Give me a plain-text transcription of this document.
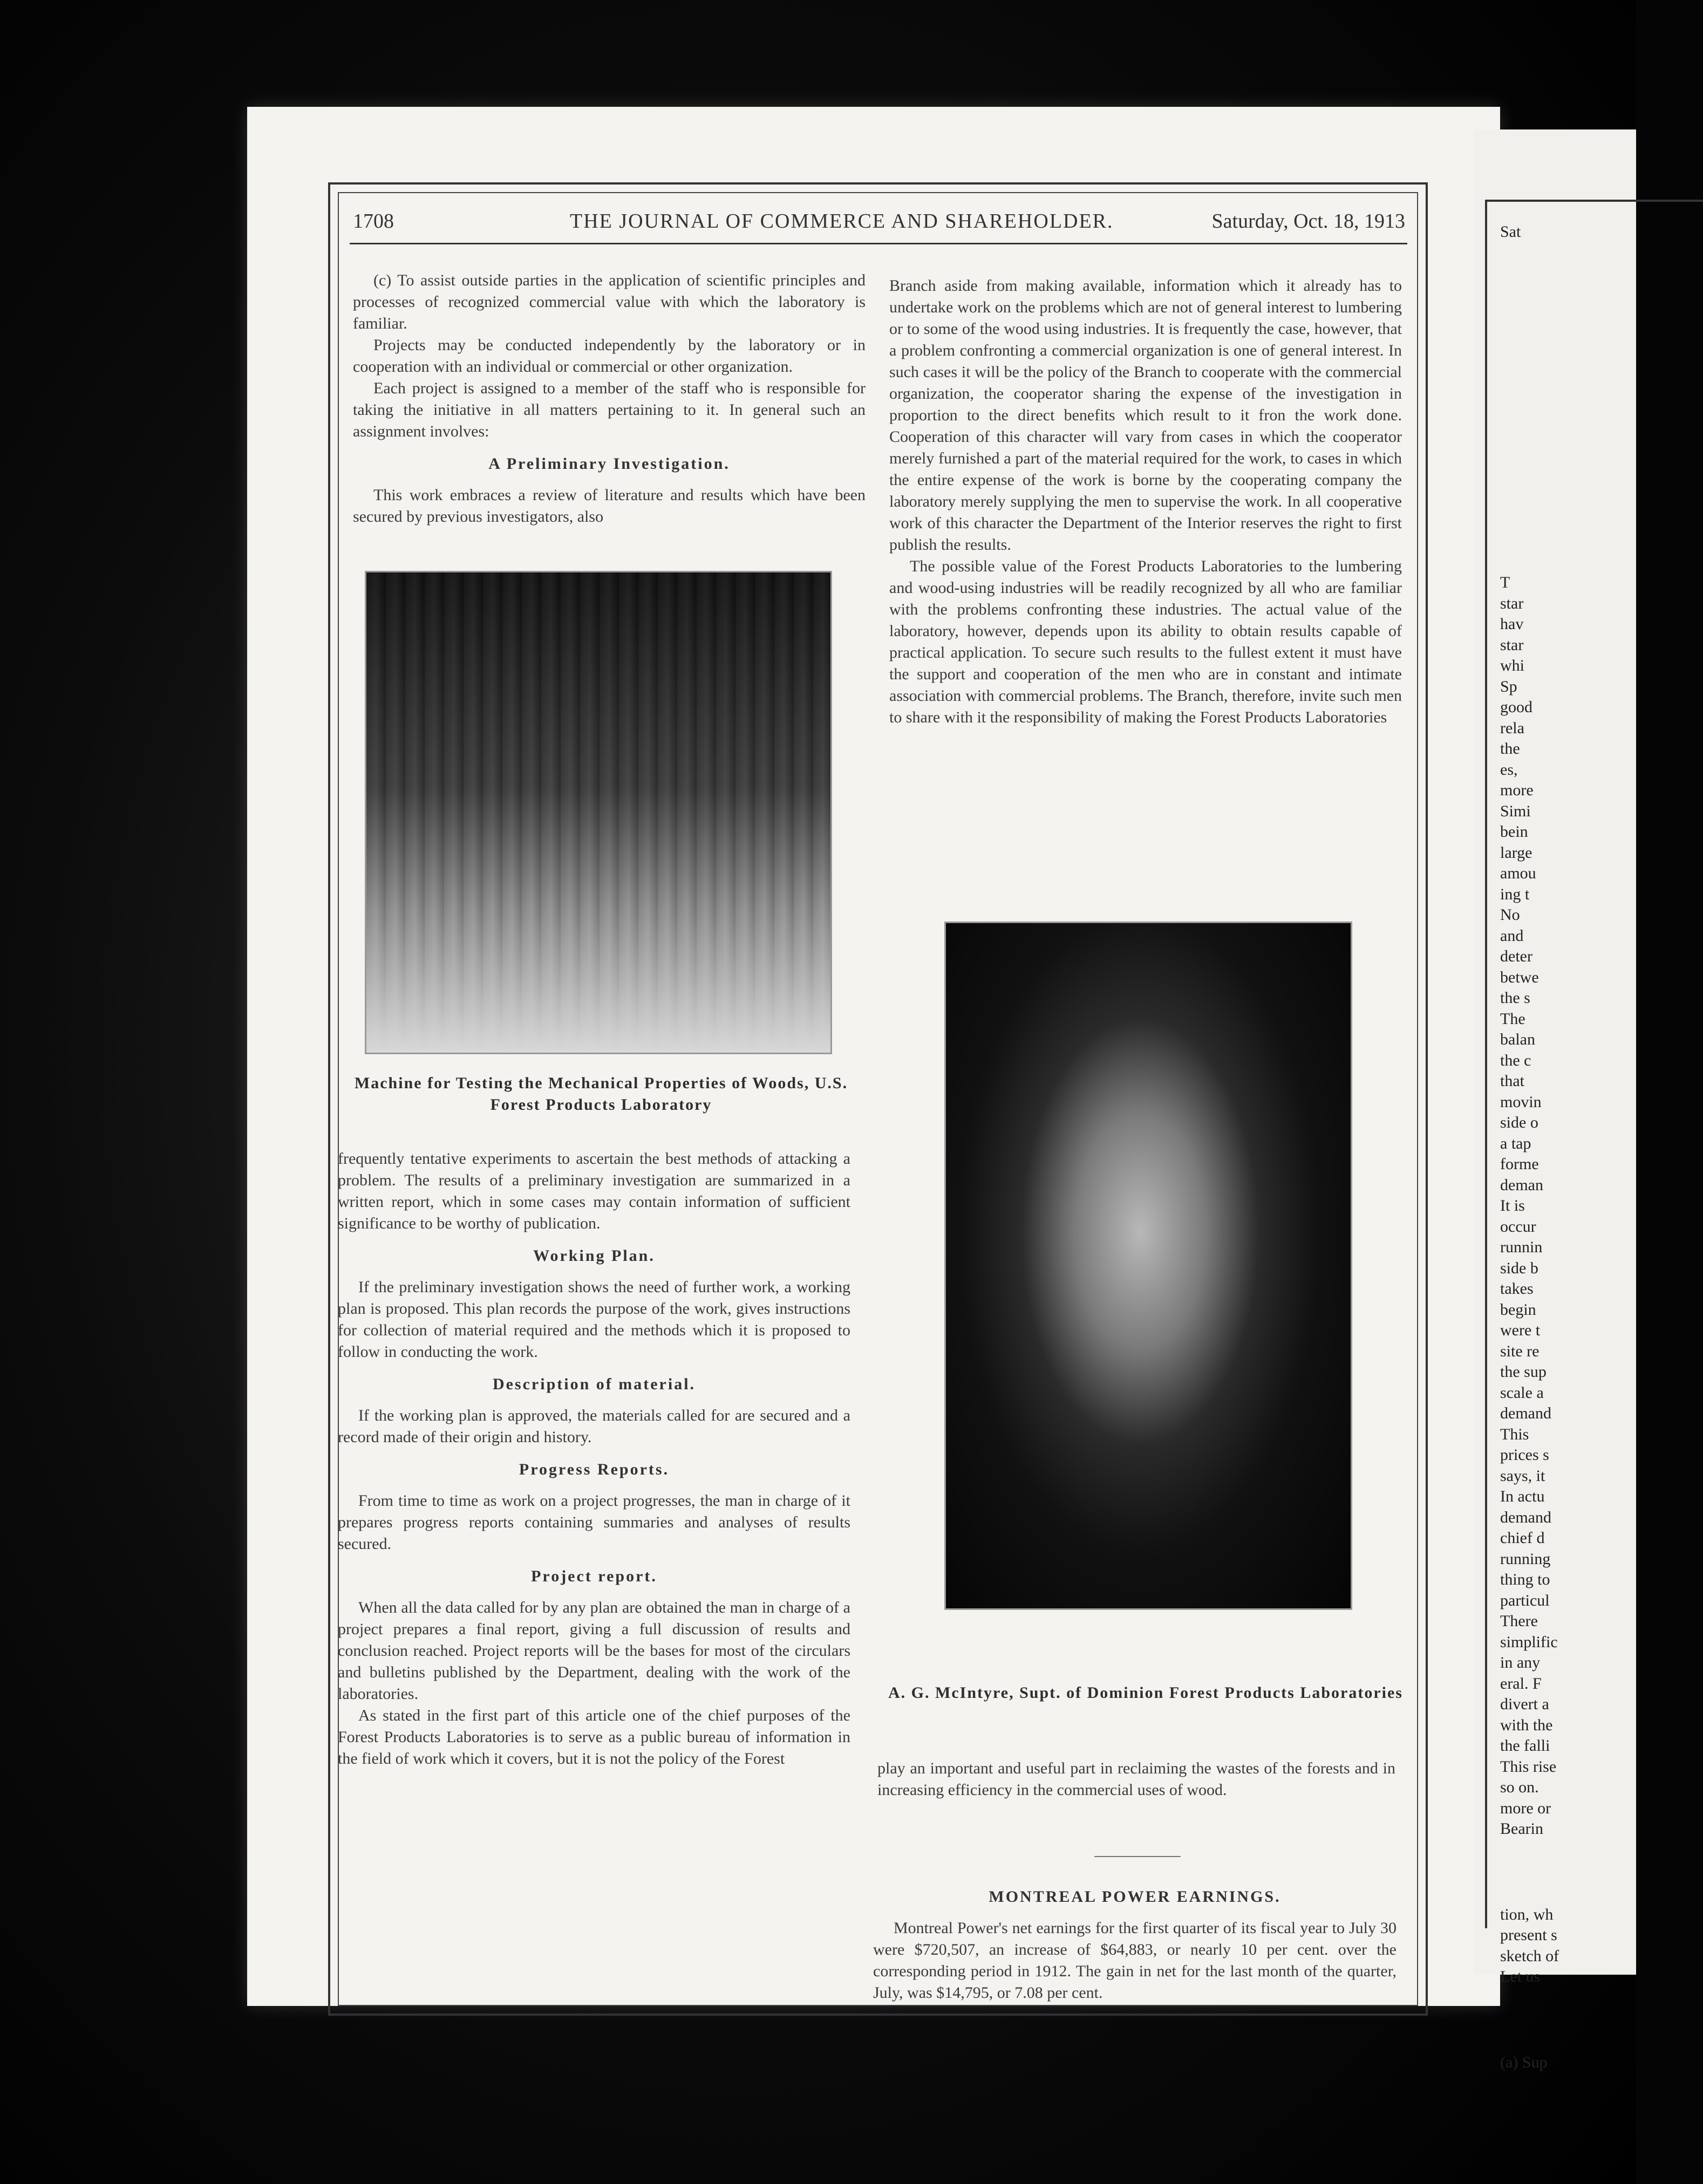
1708	THE JOURNAL OF COMMERCE AND SHAREHOLDER.	Saturday, Oct. 18, 1913

(c) To assist outside parties in the application of scientific principles and processes of recognized commercial value with which the laboratory is familiar.

Projects may be conducted independently by the laboratory or in cooperation with an individual or commercial or other organization.

Each project is assigned to a member of the staff who is responsible for taking the initiative in all matters pertaining to it. In general such an assignment involves:

A Preliminary Investigation.

This work embraces a review of literature and results which have been secured by previous investigators, also

Machine for Testing the Mechanical Properties of Woods, U.S. Forest Products Laboratory

frequently tentative experiments to ascertain the best methods of attacking a problem. The results of a preliminary investigation are summarized in a written report, which in some cases may contain information of sufficient significance to be worthy of publication.

Working Plan.

If the preliminary investigation shows the need of further work, a working plan is proposed. This plan records the purpose of the work, gives instructions for collection of material required and the methods which it is proposed to follow in conducting the work.

Description of material.

If the working plan is approved, the materials called for are secured and a record made of their origin and history.

Progress Reports.

From time to time as work on a project progresses, the man in charge of it prepares progress reports containing summaries and analyses of results secured.

Project report.

When all the data called for by any plan are obtained the man in charge of a project prepares a final report, giving a full discussion of results and conclusion reached. Project reports will be the bases for most of the circulars and bulletins published by the Department, dealing with the work of the laboratories.

As stated in the first part of this article one of the chief purposes of the Forest Products Laboratories is to serve as a public bureau of information in the field of work which it covers, but it is not the policy of the Forest

Branch aside from making available, information which it already has to undertake work on the problems which are not of general interest to lumbering or to some of the wood using industries. It is frequently the case, however, that a problem confronting a commercial organization is one of general interest. In such cases it will be the policy of the Branch to cooperate with the commercial organization, the cooperator sharing the expense of the investigation in proportion to the direct benefits which result to it fron the work done. Cooperation of this character will vary from cases in which the cooperator merely furnished a part of the material required for the work, to cases in which the entire expense of the work is borne by the cooperating company the laboratory merely supplying the men to supervise the work. In all cooperative work of this character the Department of the Interior reserves the right to first publish the results.

The possible value of the Forest Products Laboratories to the lumbering and wood-using industries will be readily recognized by all who are familiar with the problems confronting these industries. The actual value of the laboratory, however, depends upon its ability to obtain results capable of practical application. To secure such results to the fullest extent it must have the support and cooperation of the men who are in constant and intimate association with commercial problems. The Branch, therefore, invite such men to share with it the responsibility of making the Forest Products Laboratories

A. G. McIntyre, Supt. of Dominion Forest Products Laboratories

play an important and useful part in reclaiming the wastes of the forests and in increasing efficiency in the commercial uses of wood.

MONTREAL POWER EARNINGS.

Montreal Power's net earnings for the first quarter of its fiscal year to July 30 were $720,507, an increase of $64,883, or nearly 10 per cent. over the corresponding period in 1912. The gain in net for the last month of the quarter, July, was $14,795, or 7.08 per cent.

Sat
T
star
hav
star
whi
Sp
good
rela
the
es,
more
Simi
bein
large
amou
ing t
No
and
deter
betwe
the s
The
balan
the c
that
movin
side o
a tap
forme
deman
It is
occur
runnin
side b
takes
begin
were t
site re
the sup
scale a
demand
This
prices s
says, it
In actu
demand
chief d
running
thing to
particul
There
simplific
in any
eral. F
divert a
with the
the falli
This rise
so on.
more or
Bearin
tion, wh
present s
sketch of
Let us
(a) Sup
